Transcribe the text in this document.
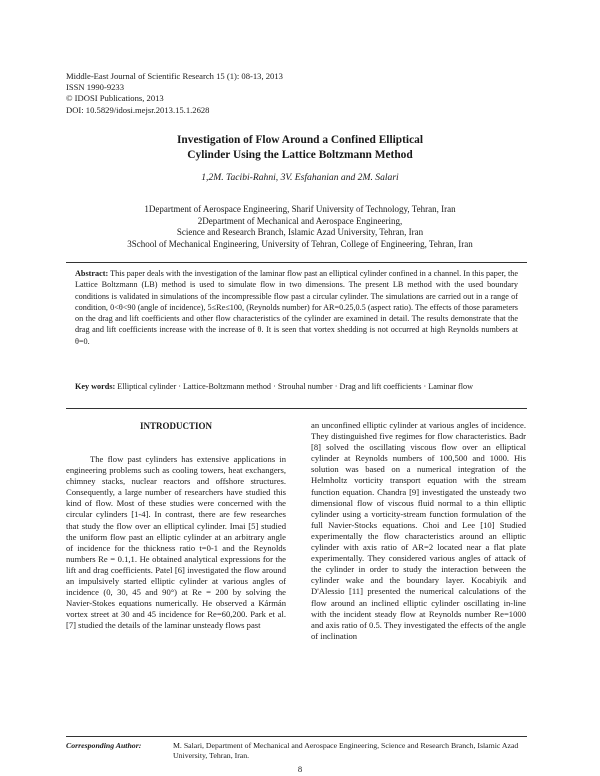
Middle-East Journal of Scientific Research 15 (1): 08-13, 2013
ISSN 1990-9233
© IDOSI Publications, 2013
DOI: 10.5829/idosi.mejsr.2013.15.1.2628
Investigation of Flow Around a Confined Elliptical
Cylinder Using the Lattice Boltzmann Method
1,2M. Tacibi-Rahni, 3V. Esfahanian and 2M. Salari
1Department of Aerospace Engineering, Sharif University of Technology, Tehran, Iran
2Department of Mechanical and Aerospace Engineering,
Science and Research Branch, Islamic Azad University, Tehran, Iran
3School of Mechanical Engineering, University of Tehran, College of Engineering, Tehran, Iran
Abstract: This paper deals with the investigation of the laminar flow past an elliptical cylinder confined in a channel. In this paper, the Lattice Boltzmann (LB) method is used to simulate flow in two dimensions. The present LB method with the used boundary conditions is validated in simulations of the incompressible flow past a circular cylinder. The simulations are carried out in a range of condition, 0<θ<90 (angle of incidence), 5≤Re≤100, (Reynolds number) for AR=0.25,0.5 (aspect ratio). The effects of those parameters on the drag and lift coefficients and other flow characteristics of the cylinder are examined in detail. The results demonstrate that the drag and lift coefficients increase with the increase of θ. It is seen that vortex shedding is not occurred at high Reynolds numbers at θ=0.
Key words: Elliptical cylinder · Lattice-Boltzmann method · Strouhal number · Drag and lift coefficients · Laminar flow
INTRODUCTION

The flow past cylinders has extensive applications in engineering problems such as cooling towers, heat exchangers, chimney stacks, nuclear reactors and offshore structures. Consequently, a large number of researchers have studied this kind of flow. Most of these studies were concerned with the circular cylinders [1-4]. In contrast, there are few researches that study the flow over an elliptical cylinder. Imai [5] studied the uniform flow past an elliptic cylinder at an arbitrary angle of incidence for the thickness ratio t=0-1 and the Reynolds numbers Re = 0.1,1. He obtained analytical expressions for the lift and drag coefficients. Patel [6] investigated the flow around an impulsively started elliptic cylinder at various angles of incidence (0, 30, 45 and 90°) at Re = 200 by solving the Navier-Stokes equations numerically. He observed a Kármán vortex street at 30 and 45 incidence for Re=60,200. Park et al. [7] studied the details of the laminar unsteady flows past

an unconfined elliptic cylinder at various angles of incidence. They distinguished five regimes for flow characteristics. Badr [8] solved the oscillating viscous flow over an elliptical cylinder at Reynolds numbers of 100,500 and 1000. His solution was based on a numerical integration of the Helmholtz vorticity transport equation with the stream function equation. Chandra [9] investigated the unsteady two dimensional flow of viscous fluid normal to a thin elliptic cylinder using a vorticity-stream function formulation of the full Navier-Stocks equations. Choi and Lee [10] Studied experimentally the flow characteristics around an elliptic cylinder with axis ratio of AR=2 located near a flat plate experimentally. They considered various angles of attack of the cylinder in order to study the interaction between the cylinder wake and the boundary layer. Kocabiyik and D'Alessio [11] presented the numerical calculations of the flow around an inclined elliptic cylinder oscillating in-line with the incident steady flow at Reynolds number Re=1000 and axis ratio of 0.5. They investigated the effects of the angle of inclination

Corresponding Author:	M. Salari, Department of Mechanical and Aerospace Engineering, Science and Research Branch, Islamic Azad University, Tehran, Iran.
8
